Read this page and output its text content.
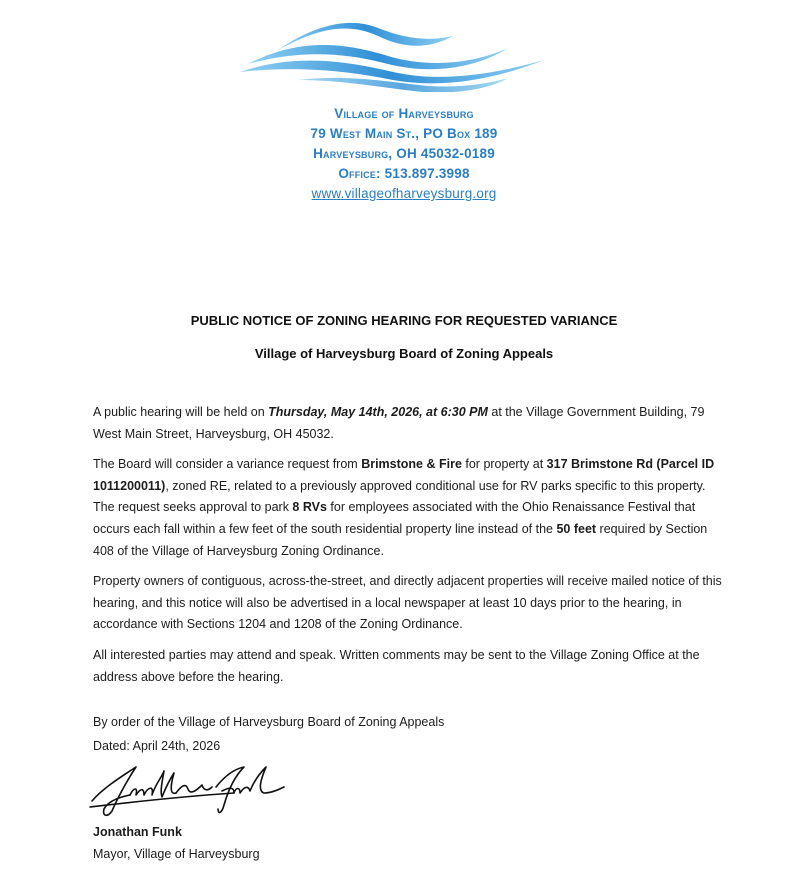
Village of Harveysburg
79 West Main St., PO Box 189
Harveysburg, OH 45032-0189
Office: 513.897.3998
www.villageofharveysburg.org
PUBLIC NOTICE OF ZONING HEARING FOR REQUESTED VARIANCE
Village of Harveysburg Board of Zoning Appeals

A public hearing will be held on Thursday, May 14th, 2026, at 6:30 PM at the Village Government Building, 79 West Main Street, Harveysburg, OH 45032.

The Board will consider a variance request from Brimstone & Fire for property at 317 Brimstone Rd (Parcel ID 1011200011), zoned RE, related to a previously approved conditional use for RV parks specific to this property. The request seeks approval to park 8 RVs for employees associated with the Ohio Renaissance Festival that occurs each fall within a few feet of the south residential property line instead of the 50 feet required by Section 408 of the Village of Harveysburg Zoning Ordinance.

Property owners of contiguous, across-the-street, and directly adjacent properties will receive mailed notice of this hearing, and this notice will also be advertised in a local newspaper at least 10 days prior to the hearing, in accordance with Sections 1204 and 1208 of the Zoning Ordinance.

All interested parties may attend and speak. Written comments may be sent to the Village Zoning Office at the address above before the hearing.

By order of the Village of Harveysburg Board of Zoning Appeals
Dated: April 24th, 2026
Jonathan Funk
Mayor, Village of Harveysburg
